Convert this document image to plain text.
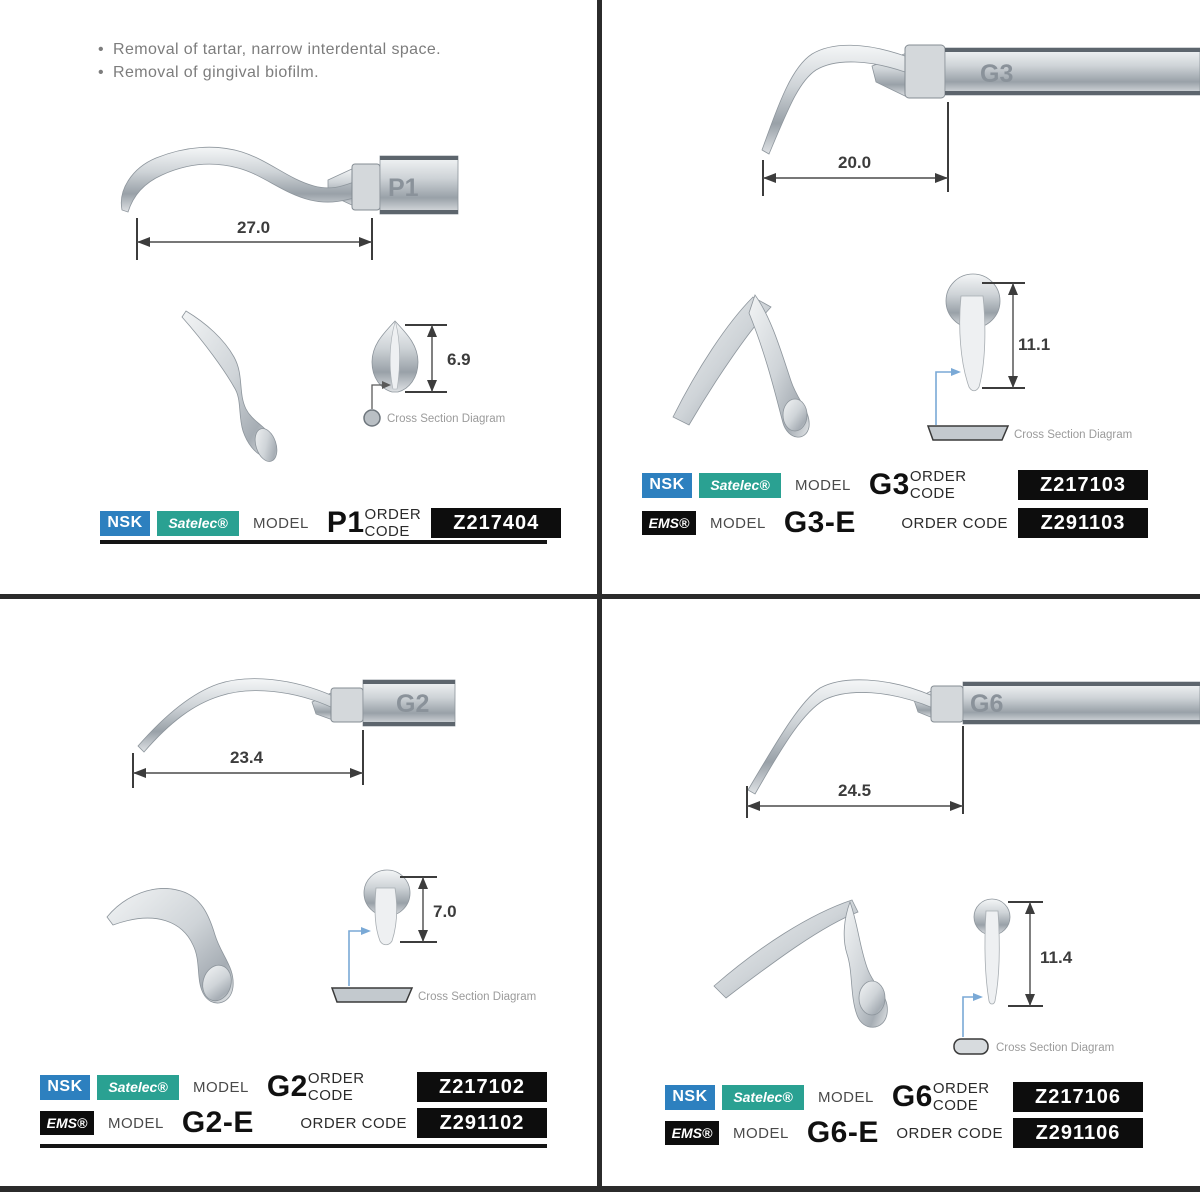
• Removal of tartar, narrow interdental space.
• Removal of gingival biofilm.
P1
27.0
6.9
Cross Section Diagram
NSK	Satelec®	MODEL P1 ORDER CODE	Z217404
G3
20.0
11.1
Cross Section Diagram
NSK	Satelec®	MODEL G3 ORDER CODE	Z217103
EMS®	MODEL G3-E	ORDER CODE	Z291103
G2
23.4
7.0
Cross Section Diagram
NSK	Satelec®	MODEL G2 ORDER CODE	Z217102
EMS®	MODEL G2-E	ORDER CODE	Z291102
G6
24.5
11.4
Cross Section Diagram
NSK	Satelec®	MODEL G6 ORDER CODE	Z217106
EMS®	MODEL G6-E ORDER CODE	Z291106
